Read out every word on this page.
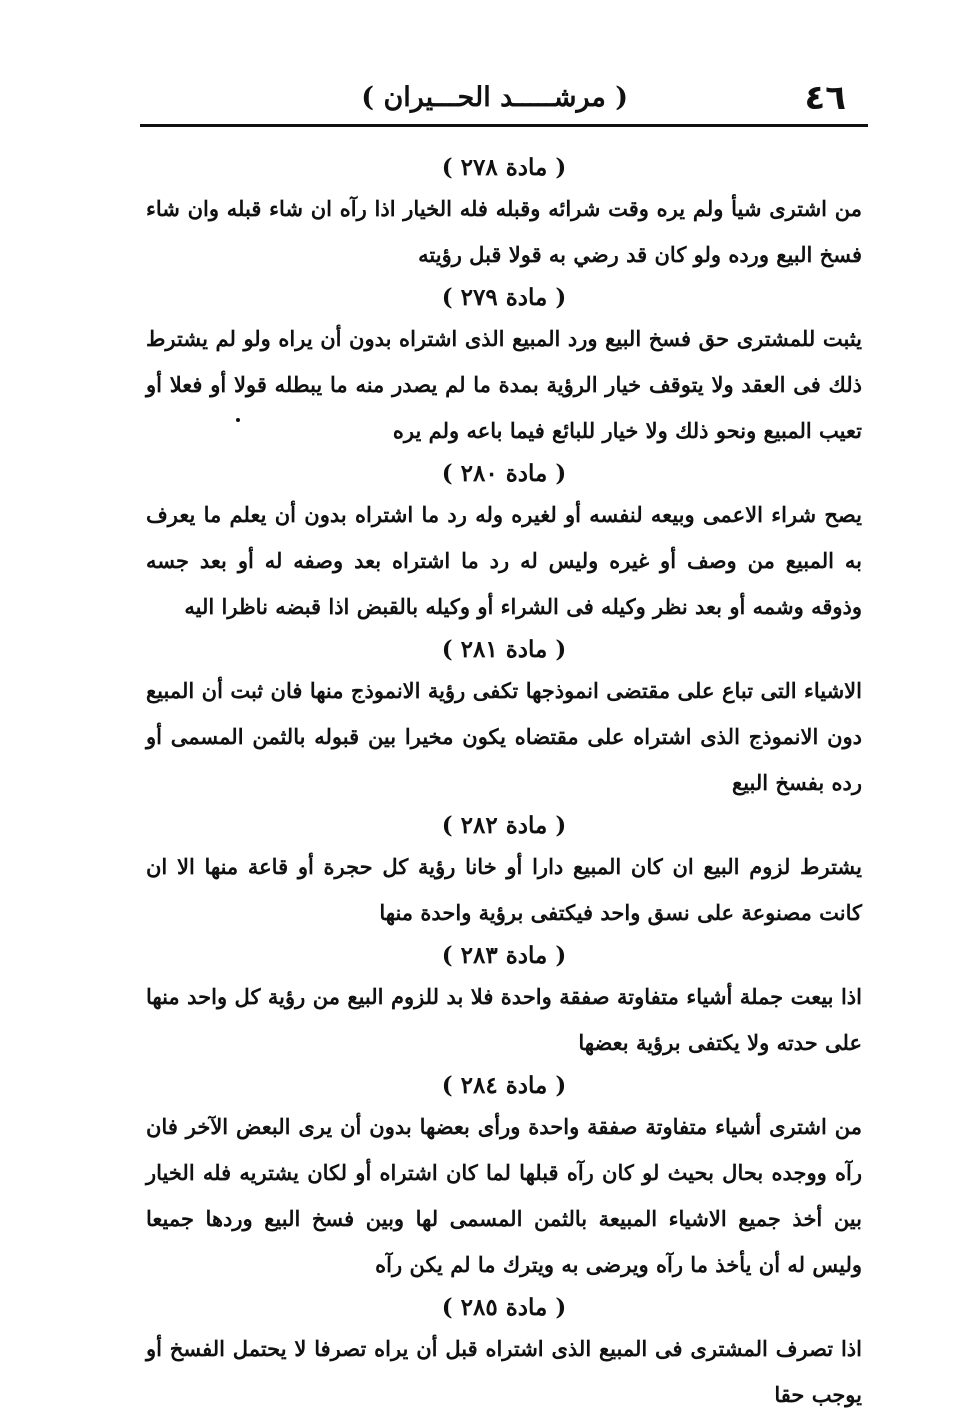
٤٦
( مرشـــــد الحـــيران )
( مادة ٢٧٨ )

من اشترى شيأ ولم يره وقت شرائه وقبله فله الخيار اذا رآه ان شاء قبله وان شاء فسخ البيع ورده ولو كان قد رضي به قولا قبل رؤيته

( مادة ٢٧٩ )

يثبت للمشترى حق فسخ البيع ورد المبيع الذى اشتراه بدون أن يراه ولو لم يشترط ذلك فى العقد ولا يتوقف خيار الرؤية بمدة ما لم يصدر منه ما يبطله قولا أو فعلا أو تعيب المبيع ونحو ذلك ولا خيار للبائع فيما باعه ولم يره

( مادة ٢٨٠ )

يصح شراء الاعمى وبيعه لنفسه أو لغيره وله رد ما اشتراه بدون أن يعلم ما يعرف به المبيع من وصف أو غيره وليس له رد ما اشتراه بعد وصفه له أو بعد جسه وذوقه وشمه أو بعد نظر وكيله فى الشراء أو وكيله بالقبض اذا قبضه ناظرا اليه

( مادة ٢٨١ )

الاشياء التى تباع على مقتضى انموذجها تكفى رؤية الانموذج منها فان ثبت أن المبيع دون الانموذج الذى اشتراه على مقتضاه يكون مخيرا بين قبوله بالثمن المسمى أو رده بفسخ البيع

( مادة ٢٨٢ )

يشترط لزوم البيع ان كان المبيع دارا أو خانا رؤية كل حجرة أو قاعة منها الا ان كانت مصنوعة على نسق واحد فيكتفى برؤية واحدة منها

( مادة ٢٨٣ )

اذا بيعت جملة أشياء متفاوتة صفقة واحدة فلا بد للزوم البيع من رؤية كل واحد منها على حدته ولا يكتفى برؤية بعضها

( مادة ٢٨٤ )

من اشترى أشياء متفاوتة صفقة واحدة ورأى بعضها بدون أن يرى البعض الآخر فان رآه ووجده بحال بحيث لو كان رآه قبلها لما كان اشتراه أو لكان يشتريه فله الخيار بين أخذ جميع الاشياء المبيعة بالثمن المسمى لها وبين فسخ البيع وردها جميعا وليس له أن يأخذ ما رآه ويرضى به ويترك ما لم يكن رآه

( مادة ٢٨٥ )

اذا تصرف المشترى فى المبيع الذى اشتراه قبل أن يراه تصرفا لا يحتمل الفسخ أو يوجب حقا
